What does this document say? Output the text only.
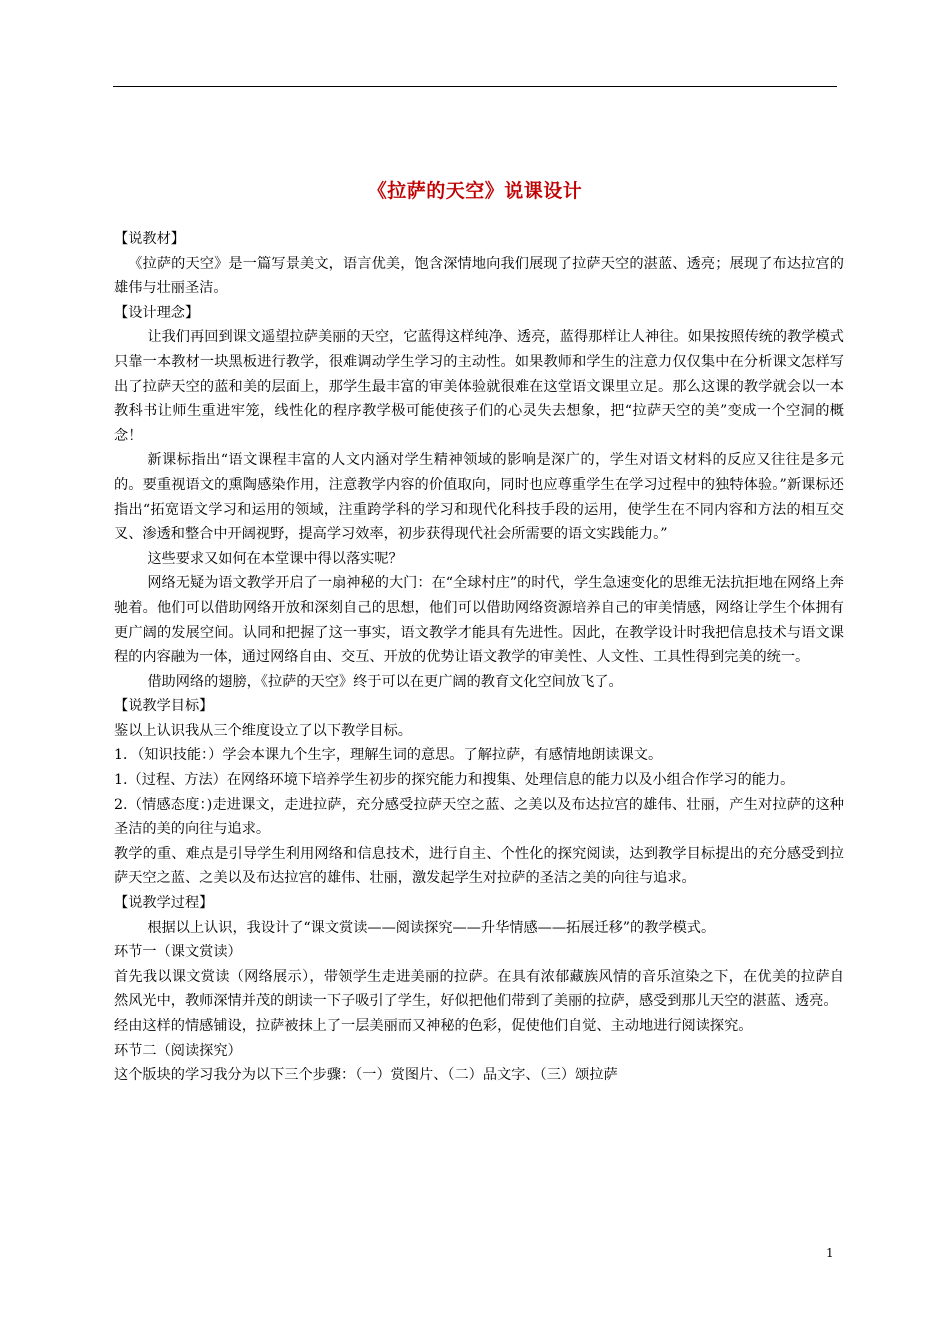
《拉萨的天空》说课设计

【说教材】

《拉萨的天空》是一篇写景美文，语言优美，饱含深情地向我们展现了拉萨天空的湛蓝、透亮；展现了布达拉宫的雄伟与壮丽圣洁。

【设计理念】

让我们再回到课文遥望拉萨美丽的天空，它蓝得这样纯净、透亮，蓝得那样让人神往。如果按照传统的教学模式只靠一本教材一块黑板进行教学，很难调动学生学习的主动性。如果教师和学生的注意力仅仅集中在分析课文怎样写出了拉萨天空的蓝和美的层面上，那学生最丰富的审美体验就很难在这堂语文课里立足。那么这课的教学就会以一本教科书让师生重进牢笼，线性化的程序教学极可能使孩子们的心灵失去想象，把“拉萨天空的美”变成一个空洞的概念！

新课标指出“语文课程丰富的人文内涵对学生精神领域的影响是深广的，学生对语文材料的反应又往往是多元的。要重视语文的熏陶感染作用，注意教学内容的价值取向，同时也应尊重学生在学习过程中的独特体验。”新课标还指出“拓宽语文学习和运用的领域，注重跨学科的学习和现代化科技手段的运用，使学生在不同内容和方法的相互交叉、渗透和整合中开阔视野，提高学习效率，初步获得现代社会所需要的语文实践能力。”

这些要求又如何在本堂课中得以落实呢？

网络无疑为语文教学开启了一扇神秘的大门：在“全球村庄”的时代，学生急速变化的思维无法抗拒地在网络上奔驰着。他们可以借助网络开放和深刻自己的思想，他们可以借助网络资源培养自己的审美情感，网络让学生个体拥有更广阔的发展空间。认同和把握了这一事实，语文教学才能具有先进性。因此，在教学设计时我把信息技术与语文课程的内容融为一体，通过网络自由、交互、开放的优势让语文教学的审美性、人文性、工具性得到完美的统一。

借助网络的翅膀，《拉萨的天空》终于可以在更广阔的教育文化空间放飞了。

【说教学目标】

鉴以上认识我从三个维度设立了以下教学目标。

1．（知识技能：）学会本课九个生字，理解生词的意思。了解拉萨，有感情地朗读课文。

1.（过程、方法）在网络环境下培养学生初步的探究能力和搜集、处理信息的能力以及小组合作学习的能力。

2.（情感态度：)走进课文，走进拉萨，充分感受拉萨天空之蓝、之美以及布达拉宫的雄伟、壮丽，产生对拉萨的这种圣洁的美的向往与追求。

教学的重、难点是引导学生利用网络和信息技术，进行自主、个性化的探究阅读，达到教学目标提出的充分感受到拉萨天空之蓝、之美以及布达拉宫的雄伟、壮丽，激发起学生对拉萨的圣洁之美的向往与追求。

【说教学过程】

根据以上认识，我设计了“课文赏读——阅读探究——升华情感——拓展迁移”的教学模式。

环节一（课文赏读）

首先我以课文赏读（网络展示），带领学生走进美丽的拉萨。在具有浓郁藏族风情的音乐渲染之下，在优美的拉萨自然风光中，教师深情并茂的朗读一下子吸引了学生，好似把他们带到了美丽的拉萨，感受到那儿天空的湛蓝、透亮。

经由这样的情感铺设，拉萨被抹上了一层美丽而又神秘的色彩，促使他们自觉、主动地进行阅读探究。

环节二（阅读探究）

这个版块的学习我分为以下三个步骤：（一）赏图片、（二）品文字、（三）颂拉萨

1
